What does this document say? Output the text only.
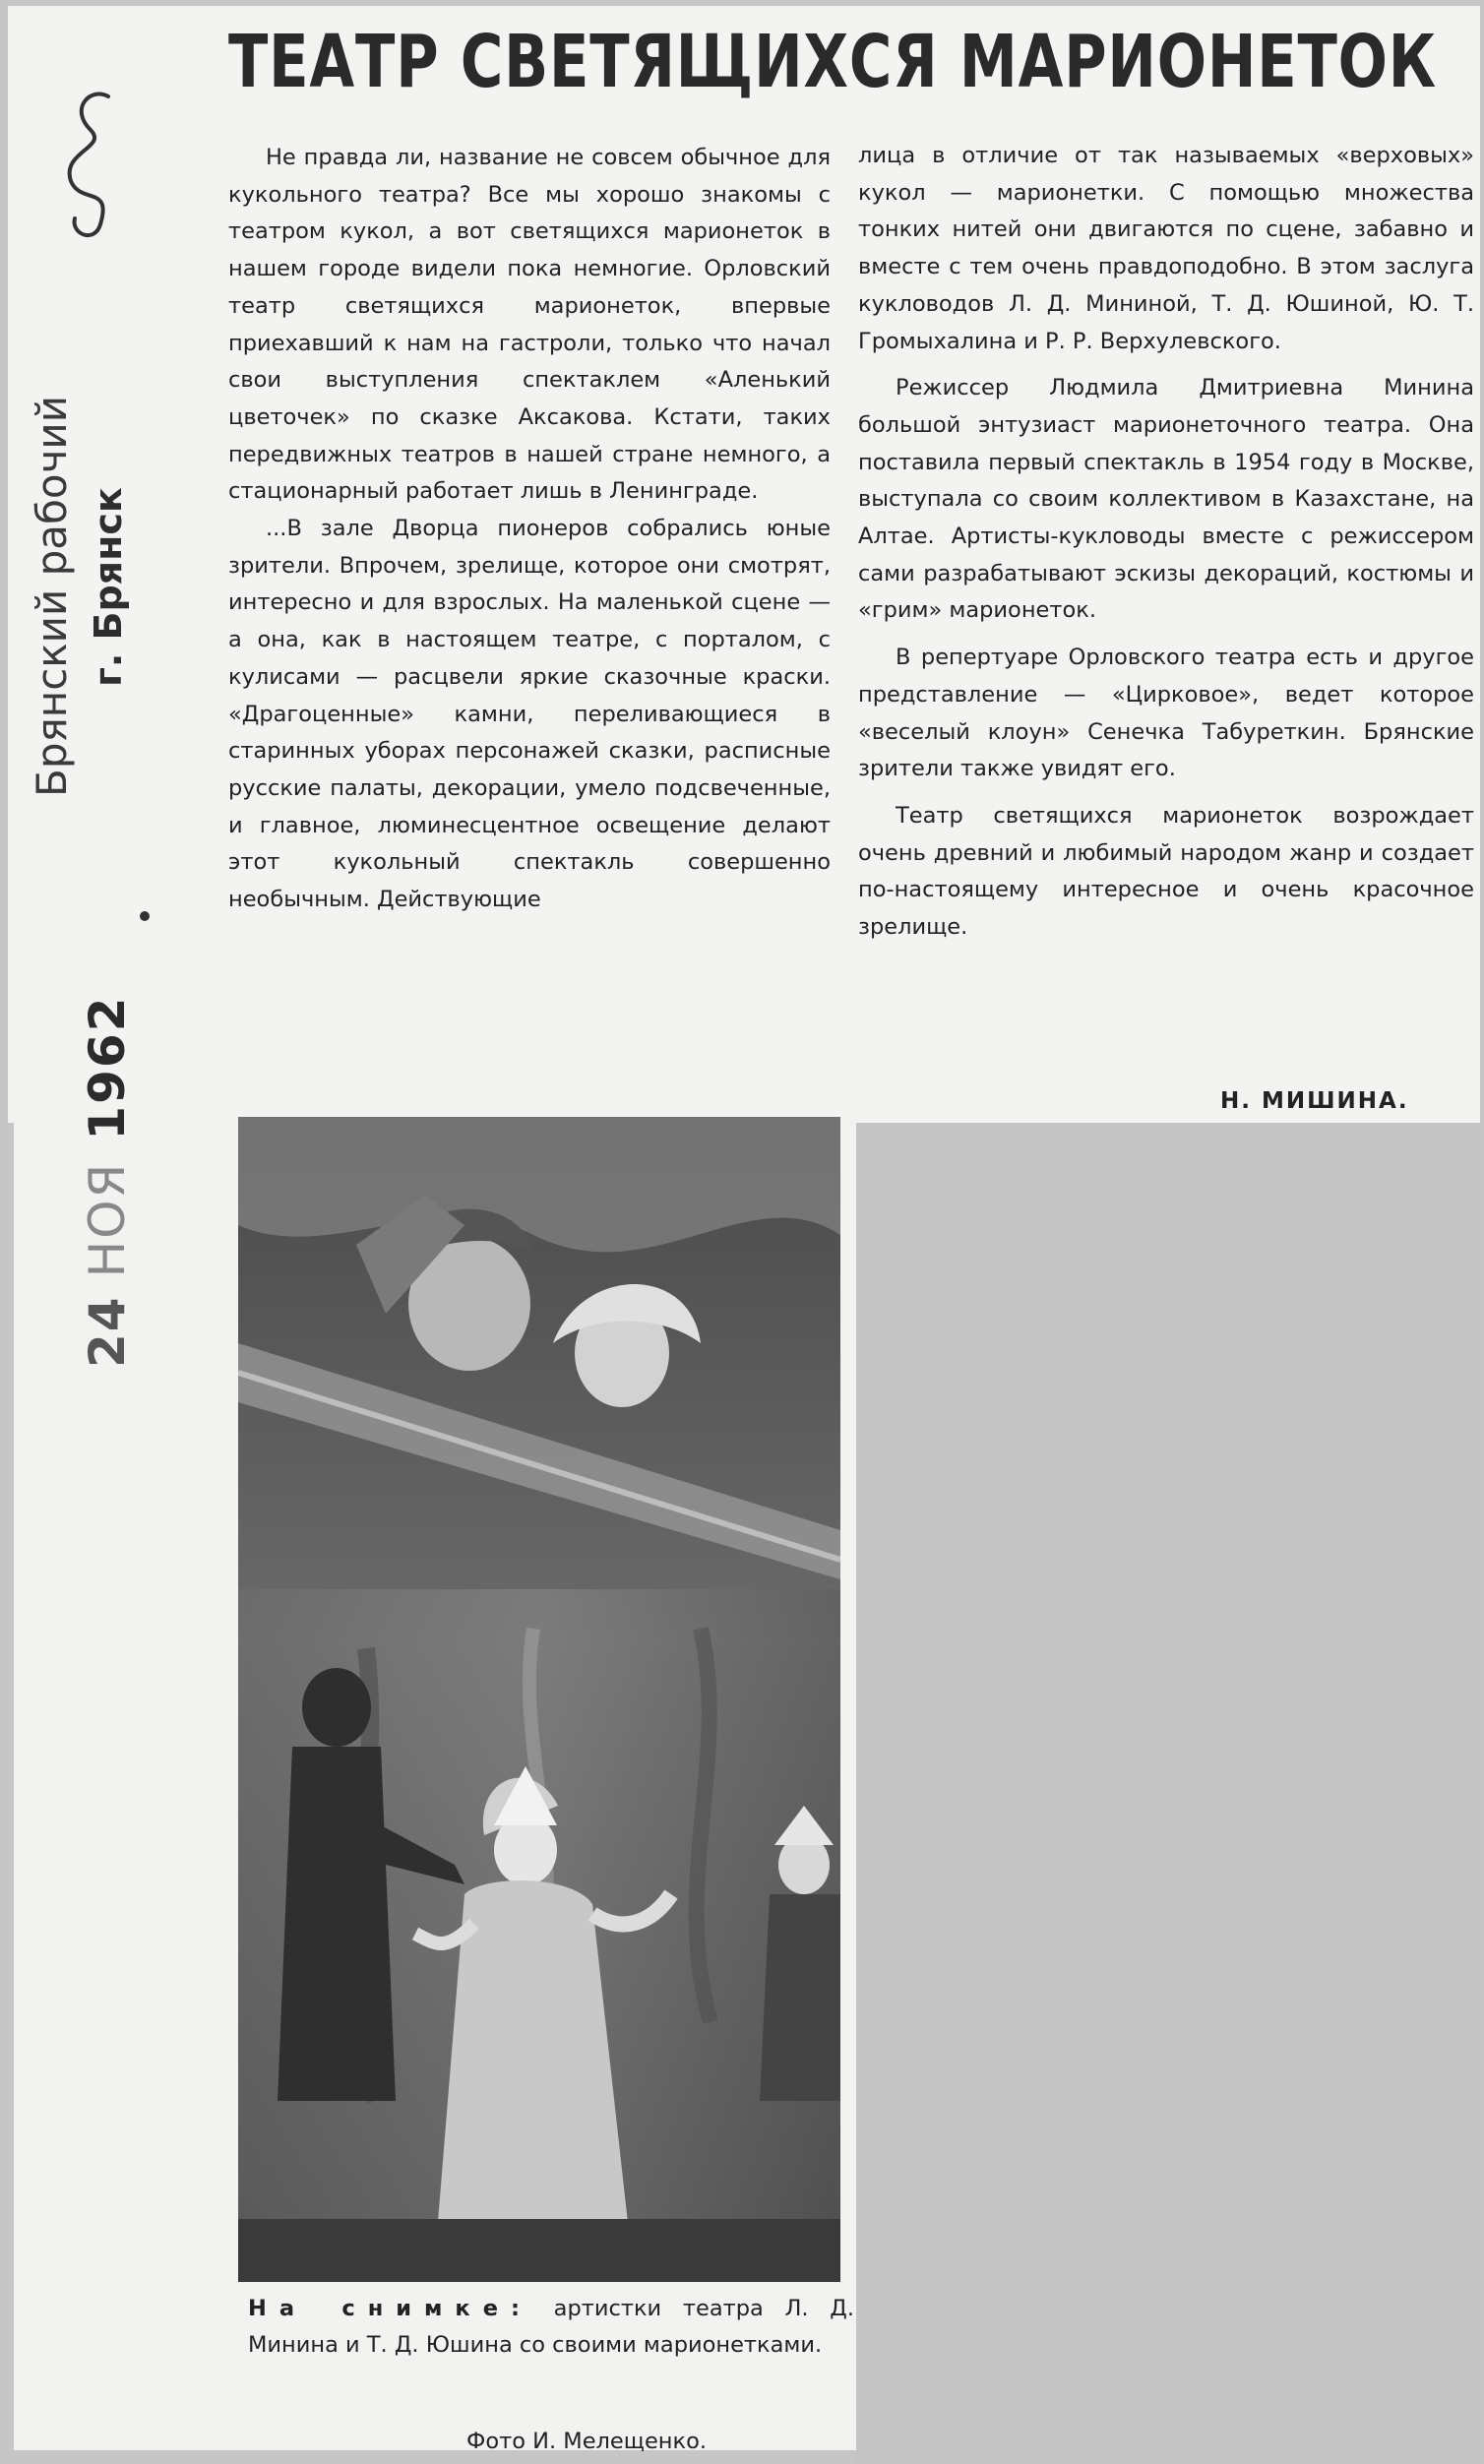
ТЕАТР СВЕТЯЩИХСЯ МАРИОНЕТОК
Брянский рабочий г. Брянск
24НОЯ1962

Не правда ли, название не совсем обычное для кукольного театра? Все мы хорошо знакомы с театром кукол, а вот светящихся марионеток в нашем городе видели пока немногие. Орловский театр светящихся марионеток, впервые приехавший к нам на гастроли, только что начал свои выступления спектаклем «Аленький цветочек» по сказке Аксакова. Кстати, таких передвижных театров в нашей стране немного, а стационарный работает лишь в Ленинграде.

...В зале Дворца пионеров собрались юные зрители. Впрочем, зрелище, которое они смотрят, интересно и для взрослых. На маленькой сцене — а она, как в настоящем театре, с порталом, с кулисами — расцвели яркие сказочные краски. «Драгоценные» камни, переливающиеся в старинных уборах персонажей сказки, расписные русские палаты, декорации, умело подсвеченные, и главное, люминесцентное освещение делают этот кукольный спектакль совершенно необычным. Действующие

лица в отличие от так называемых «верховых» кукол — марионетки. С помощью множества тонких нитей они двигаются по сцене, забавно и вместе с тем очень правдоподобно. В этом заслуга кукловодов Л. Д. Мининой, Т. Д. Юшиной, Ю. Т. Громыхалина и Р. Р. Верхулевского.

Режиссер Людмила Дмитриевна Минина большой энтузиаст марионеточного театра. Она поставила первый спектакль в 1954 году в Москве, выступала со своим коллективом в Казахстане, на Алтае. Артисты-кукловоды вместе с режиссером сами разрабатывают эскизы декораций, костюмы и «грим» марионеток.

В репертуаре Орловского театра есть и другое представление — «Цирковое», ведет которое «веселый клоун» Сенечка Табуреткин. Брянские зрители также увидят его.

Театр светящихся марионеток возрождает очень древний и любимый народом жанр и создает по-настоящему интересное и очень красочное зрелище.

Н. МИШИНА.
На снимке: артистки театра Л. Д. Минина и Т. Д. Юшина со своими марионетками.
Фото И. Мелещенко.
